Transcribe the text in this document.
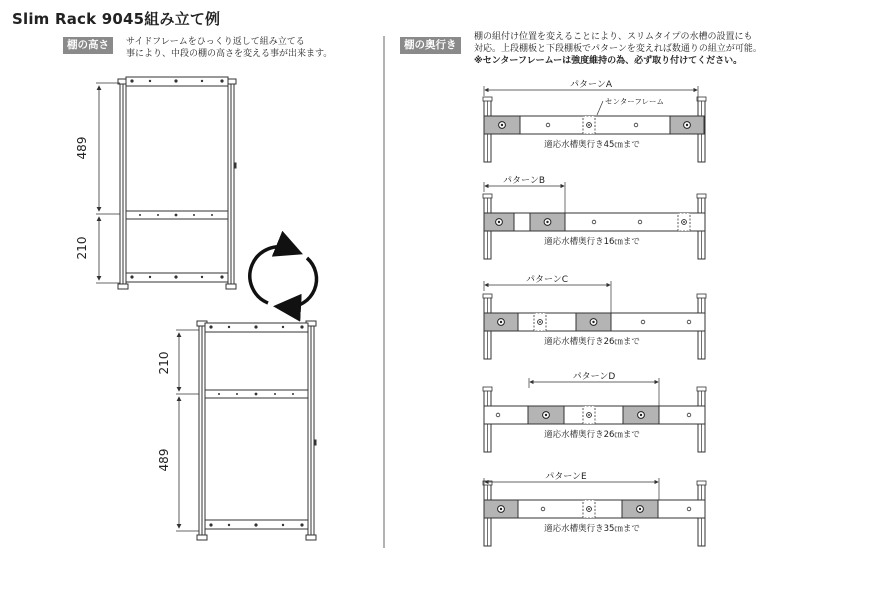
Slim Rack 9045組み立て例
棚の高さ	サイドフレームをひっくり返して組み立てる
事により、中段の棚の高さを変える事が出来ます。
棚の奥行き
棚の組付け位置を変えることにより、スリムタイプの水槽の設置にも
対応。上段棚板と下段棚板でパターンを変えれば数通りの組立が可能。
※センターフレームーは強度維持の為、必ず取り付けてください。
489
210
210
489
パターンA
適応水槽奥行き45㎝まで
パターンB
適応水槽奥行き16㎝まで
パターンC
適応水槽奥行き26㎝まで
パターンD
適応水槽奥行き26㎝まで
パターンE
適応水槽奥行き35㎝まで
センターフレーム
